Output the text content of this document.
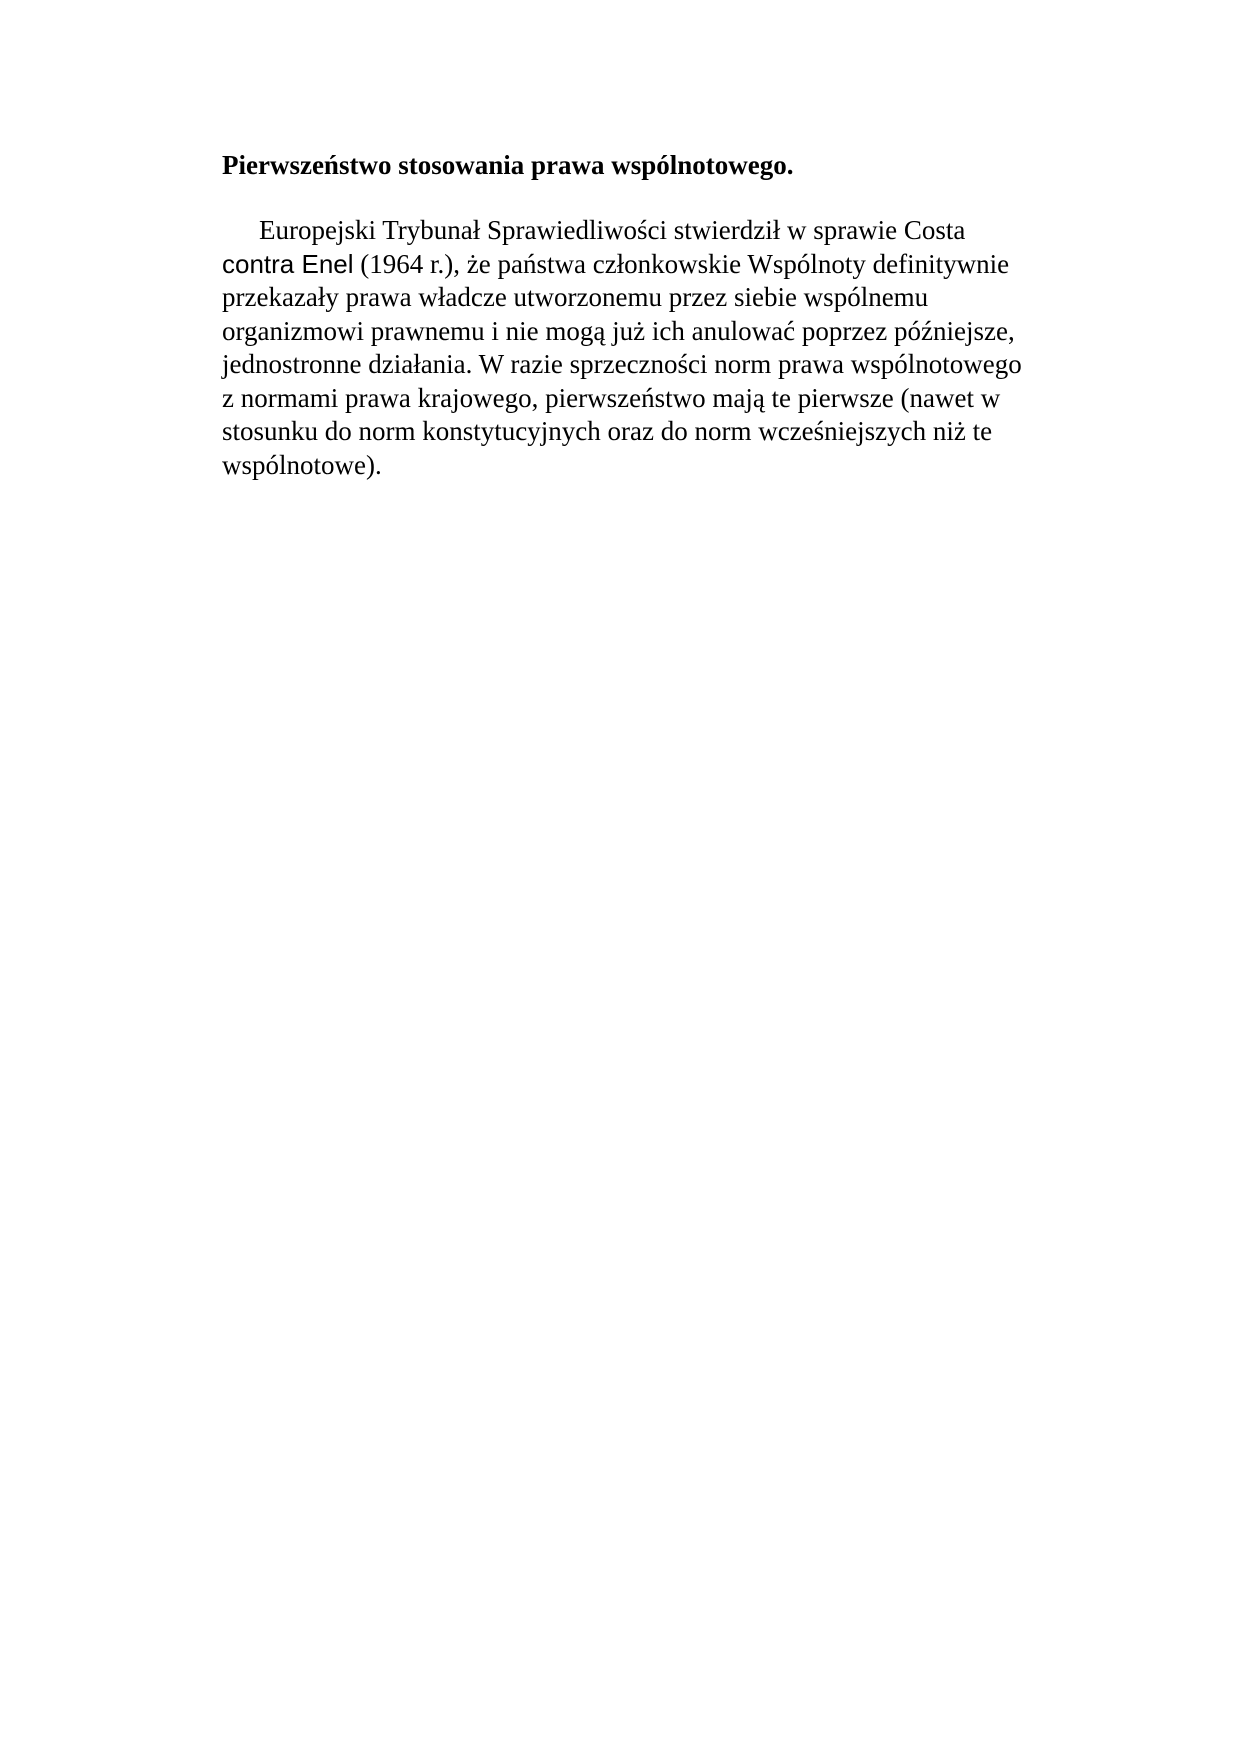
Pierwszeństwo stosowania prawa wspólnotowego.

Europejski Trybunał Sprawiedliwości stwierdził w sprawie Costa
contra Enel (1964 r.), że państwa członkowskie Wspólnoty definitywnie
przekazały prawa władcze utworzonemu przez siebie wspólnemu
organizmowi prawnemu i nie mogą już ich anulować poprzez późniejsze,
jednostronne działania. W razie sprzeczności norm prawa wspólnotowego
z normami prawa krajowego, pierwszeństwo mają te pierwsze (nawet w
stosunku do norm konstytucyjnych oraz do norm wcześniejszych niż te
wspólnotowe).
